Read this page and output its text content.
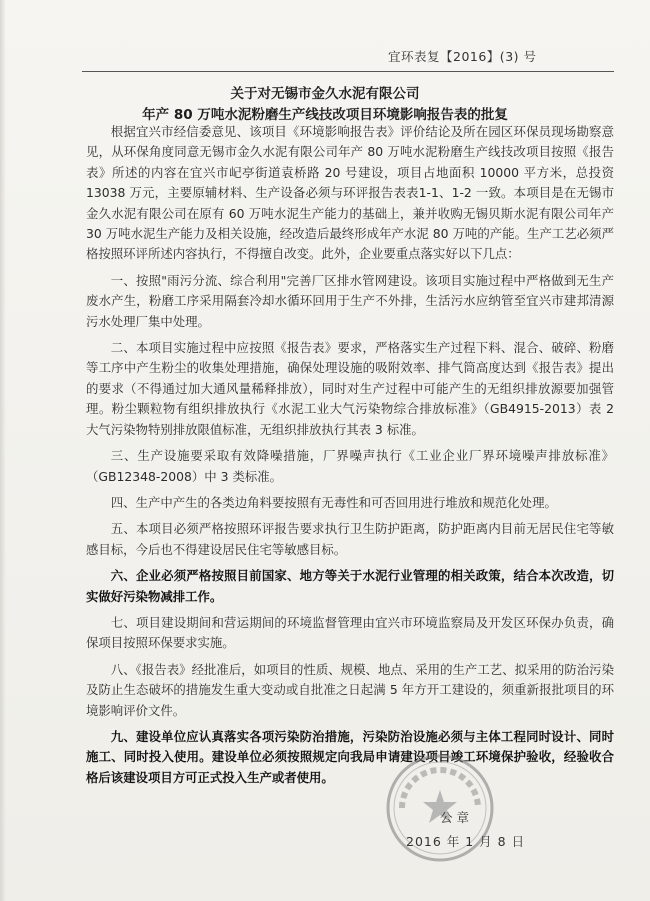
宜环表复【2016】(3) 号
关于对无锡市金久水泥有限公司
年产 80 万吨水泥粉磨生产线技改项目环境影响报告表的批复

根据宜兴市经信委意见、该项目《环境影响报告表》评价结论及所在园区环保员现场勘察意见，从环保角度同意无锡市金久水泥有限公司年产 80 万吨水泥粉磨生产线技改项目按照《报告表》所述的内容在宜兴市屺亭街道袁桥路 20 号建设，项目占地面积 10000 平方米，总投资 13038 万元，主要原辅材料、生产设备必须与环评报告表表1-1、1-2 一致。本项目是在无锡市金久水泥有限公司在原有 60 万吨水泥生产能力的基础上，兼并收购无锡贝斯水泥有限公司年产 30 万吨水泥生产能力及相关设施，经改造后最终形成年产水泥 80 万吨的产能。生产工艺必须严格按照环评所述内容执行，不得擅自改变。此外，企业要重点落实好以下几点：

一、按照"雨污分流、综合利用"完善厂区排水管网建设。该项目实施过程中严格做到无生产废水产生，粉磨工序采用隔套冷却水循环回用于生产不外排，生活污水应纳管至宜兴市建邦清源污水处理厂集中处理。

二、本项目实施过程中应按照《报告表》要求，严格落实生产过程下料、混合、破碎、粉磨等工序中产生粉尘的收集处理措施，确保处理设施的吸附效率、排气筒高度达到《报告表》提出的要求（不得通过加大通风量稀释排放），同时对生产过程中可能产生的无组织排放源要加强管理。粉尘颗粒物有组织排放执行《水泥工业大气污染物综合排放标准》（GB4915-2013）表 2 大气污染物特别排放限值标准，无组织排放执行其表 3 标准。

三、生产设施要采取有效降噪措施，厂界噪声执行《工业企业厂界环境噪声排放标准》（GB12348-2008）中 3 类标准。

四、生产中产生的各类边角料要按照有无毒性和可否回用进行堆放和规范化处理。

五、本项目必须严格按照环评报告要求执行卫生防护距离，防护距离内目前无居民住宅等敏感目标，今后也不得建设居民住宅等敏感目标。

六、企业必须严格按照目前国家、地方等关于水泥行业管理的相关政策，结合本次改造，切实做好污染物减排工作。

七、项目建设期间和营运期间的环境监督管理由宜兴市环境监察局及开发区环保办负责，确保项目按照环保要求实施。

八、《报告表》经批准后，如项目的性质、规模、地点、采用的生产工艺、拟采用的防治污染及防止生态破坏的措施发生重大变动或自批准之日起满 5 年方开工建设的，须重新报批项目的环境影响评价文件。

九、建设单位应认真落实各项污染防治措施，污染防治设施必须与主体工程同时设计、同时施工、同时投入使用。建设单位必须按照规定向我局申请建设项目竣工环境保护验收，经验收合格后该建设项目方可正式投入生产或者使用。

公 章
2016 年 1 月 8 日
